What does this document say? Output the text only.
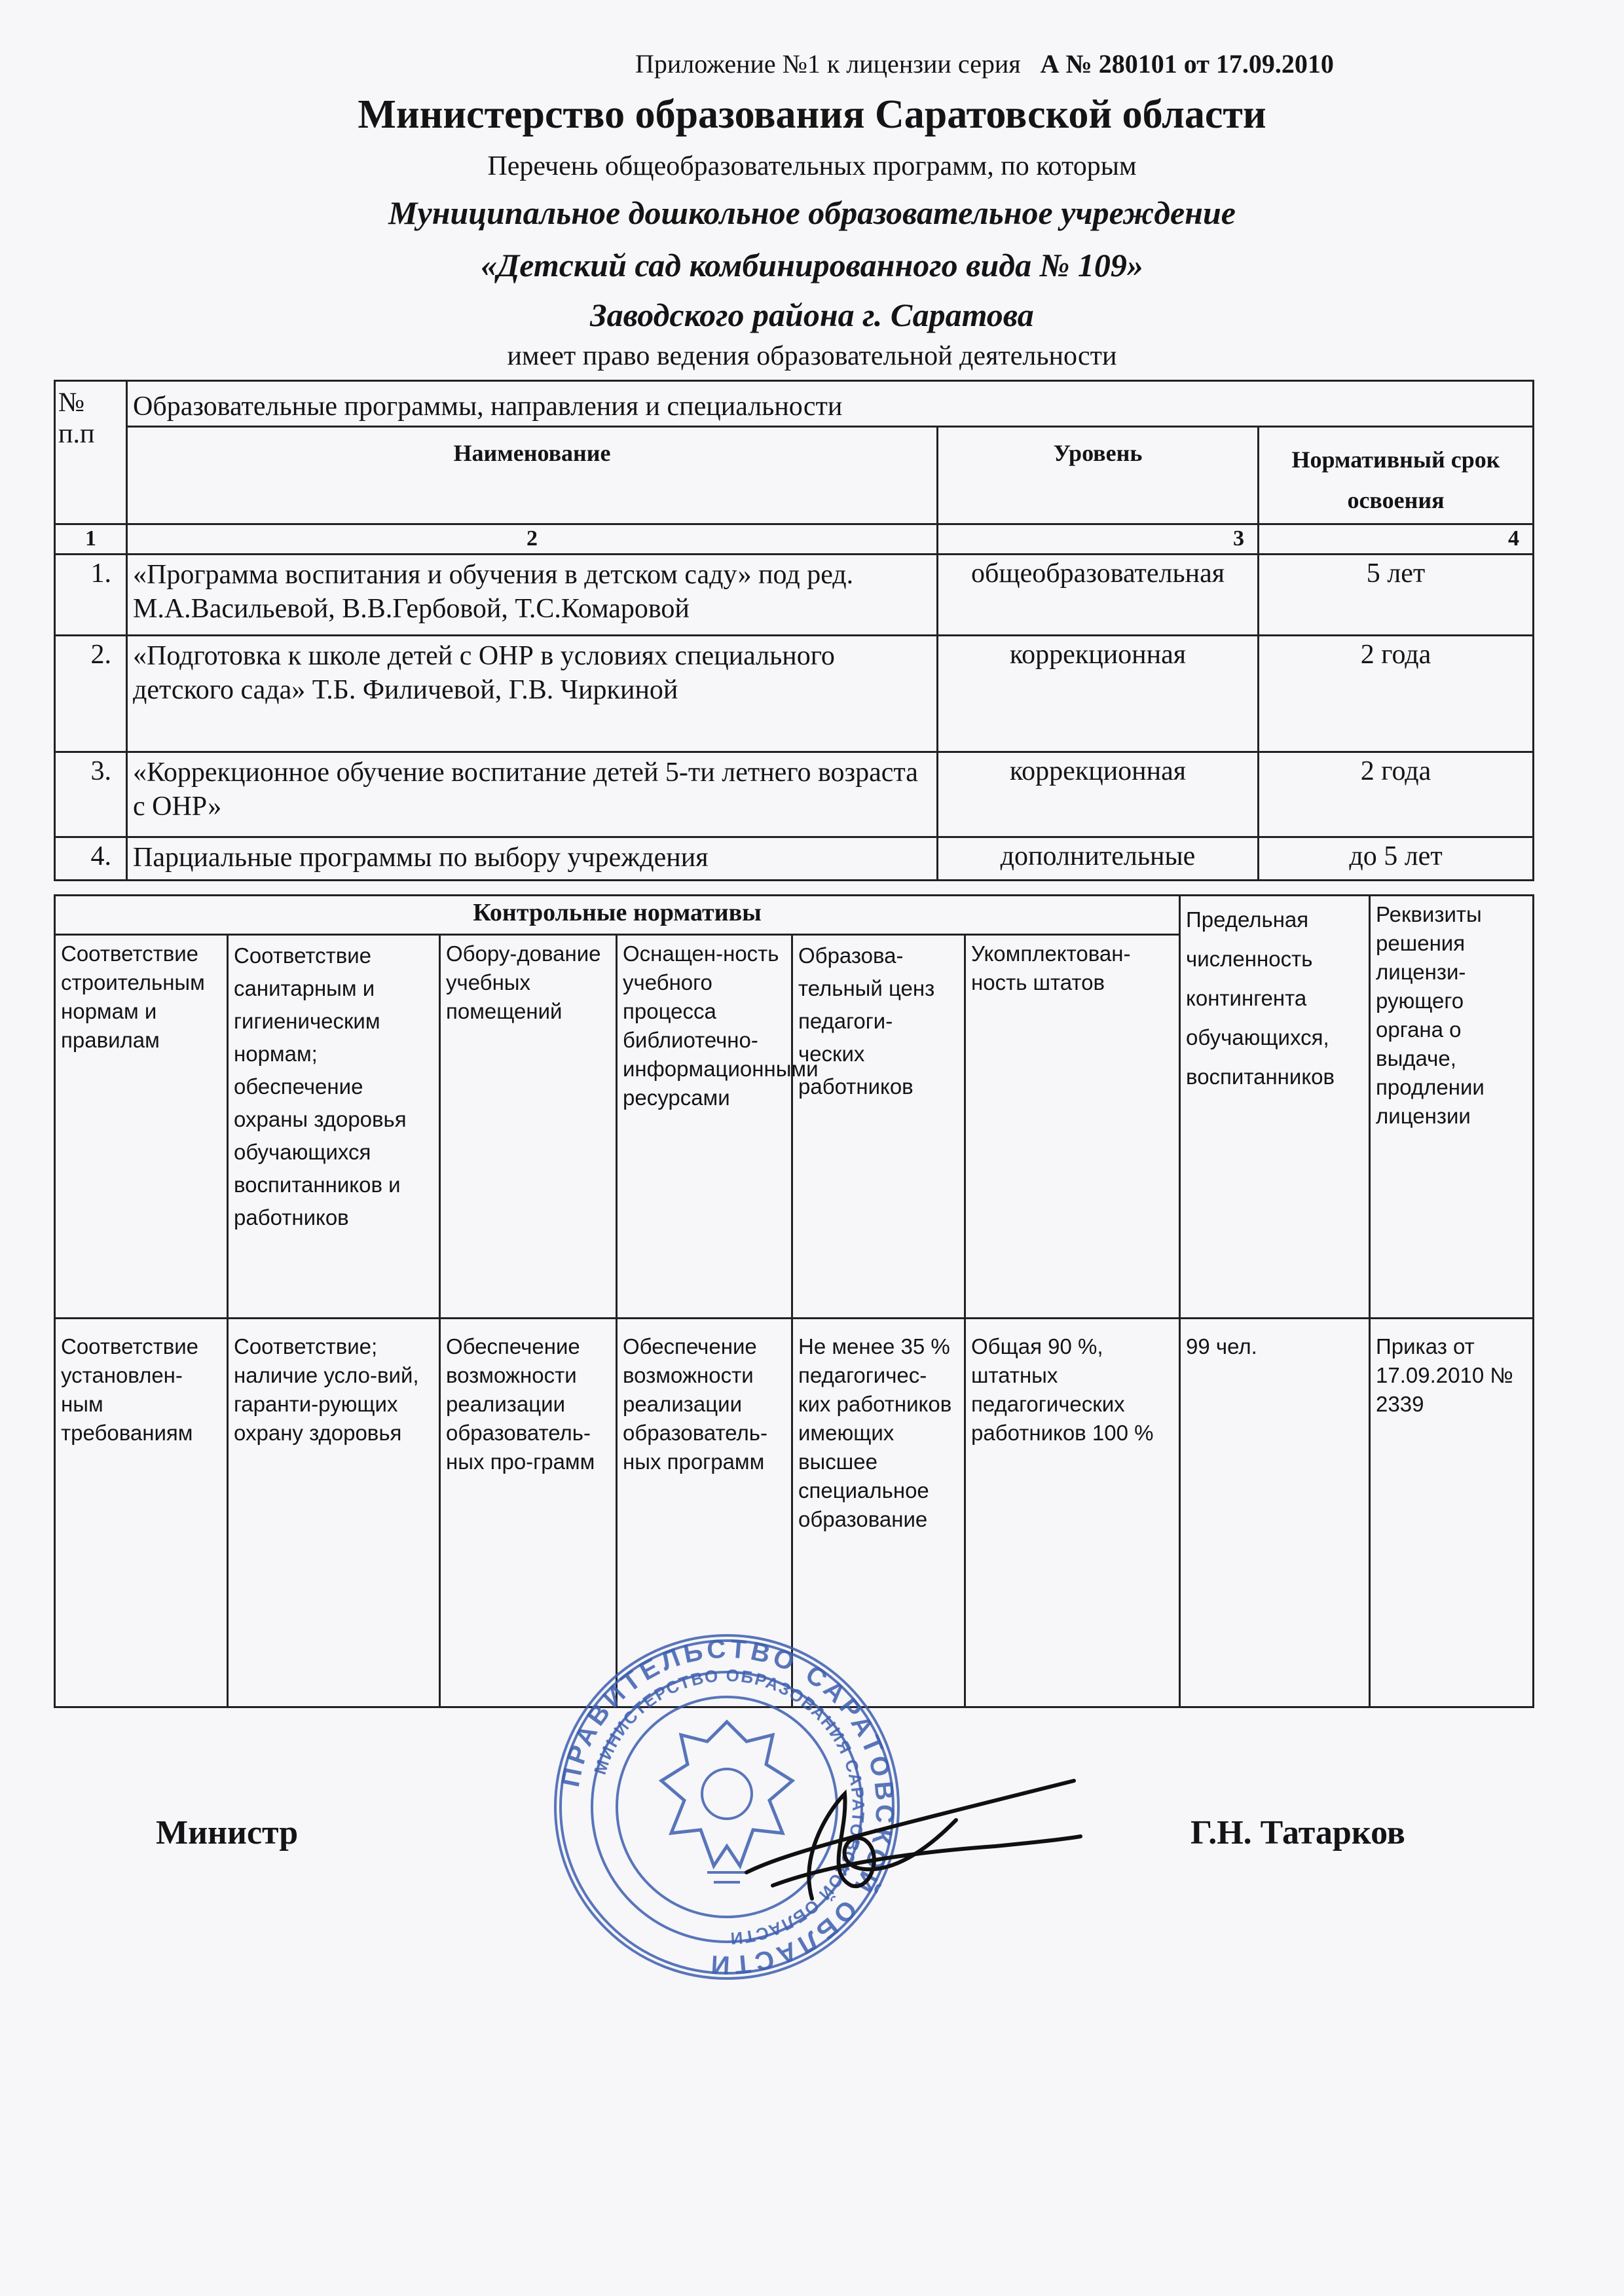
Приложение №1 к лицензии серия А № 280101 от 17.09.2010
Министерство образования Саратовской области
Перечень общеобразовательных программ, по которым
Муниципальное дошкольное образовательное учреждение
«Детский сад комбинированного вида № 109»
Заводского района г. Саратова
имеет право ведения образовательной деятельности
№ п.п	Образовательные программы, направления и специальности		
	Наименование	Уровень	Нормативный срок освоения
1	2	3	4
1.	«Программа воспитания и обучения в детском саду» под ред. М.А.Васильевой, В.В.Гербовой, Т.С.Комаровой	общеобразовательная	5 лет
2.	«Подготовка к школе детей с ОНР в условиях специального детского сада» Т.Б. Филичевой, Г.В. Чиркиной	коррекционная	2 года
3.	«Коррекционное обучение воспитание детей 5-ти летнего возраста с ОНР»	коррекционная	2 года
4.	Парциальные программы по выбору учреждения	дополнительные	до 5 лет
Контрольные нормативы						Предельная численность контингента обучающихся, воспитанников	Реквизиты решения лицензи-рующего органа о выдаче, продлении лицензии
Соответствие строительным нормам и правилам	Соответствие санитарным и гигиеническим нормам; обеспечение охраны здоровья обучающихся воспитанников и работников	Обору-дование учебных помещений	Оснащен-ность учебного процесса библиотечно-информационными ресурсами	Образова-тельный ценз педагоги-ческих работников	Укомплектован-ность штатов		
Соответствие установлен-ным требованиям	Соответствие; наличие усло-вий, гаранти-рующих охрану здоровья	Обеспечение возможности реализации образователь-ных про-грамм	Обеспечение возможности реализации образователь-ных программ	Не менее 35 % педагогичес-ких работников имеющих высшее специальное образование	Общая 90 %, штатных педагогических работников 100 %	99 чел.	Приказ от 17.09.2010 № 2339
ПРАВИТЕЛЬСТВО САРАТОВСКОЙ ОБЛАСТИ
МИНИСТЕРСТВО ОБРАЗОВАНИЯ САРАТОВСКОЙ ОБЛАСТИ
Министр	Г.Н. Татарков
